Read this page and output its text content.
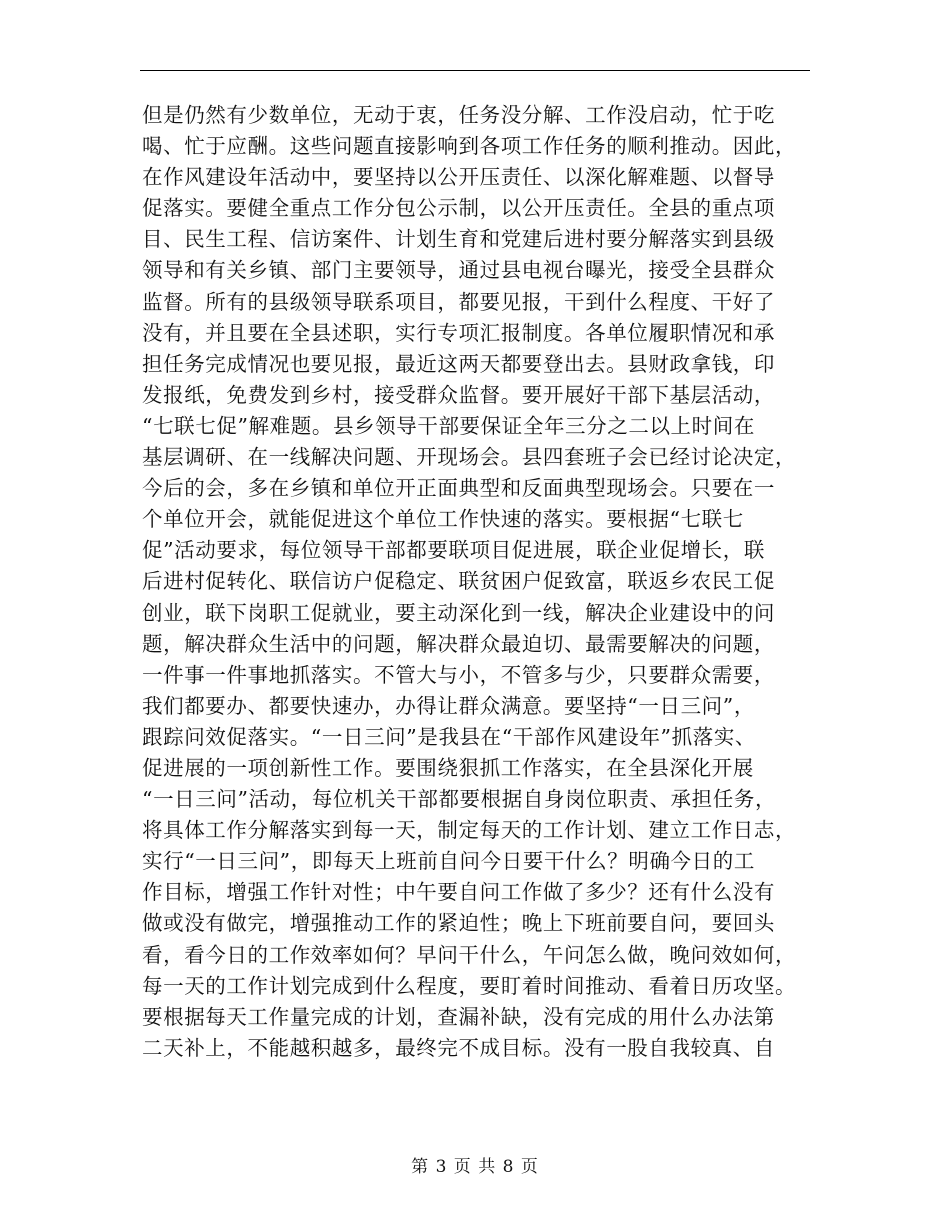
但是仍然有少数单位，无动于衷，任务没分解、工作没启动，忙于吃
喝、忙于应酬。这些问题直接影响到各项工作任务的顺利推动。因此，
在作风建设年活动中，要坚持以公开压责任、以深化解难题、以督导
促落实。要健全重点工作分包公示制，以公开压责任。全县的重点项
目、民生工程、信访案件、计划生育和党建后进村要分解落实到县级
领导和有关乡镇、部门主要领导，通过县电视台曝光，接受全县群众
监督。所有的县级领导联系项目，都要见报，干到什么程度、干好了
没有，并且要在全县述职，实行专项汇报制度。各单位履职情况和承
担任务完成情况也要见报，最近这两天都要登出去。县财政拿钱，印
发报纸，免费发到乡村，接受群众监督。要开展好干部下基层活动，
“七联七促”解难题。县乡领导干部要保证全年三分之二以上时间在
基层调研、在一线解决问题、开现场会。县四套班子会已经讨论决定，
今后的会，多在乡镇和单位开正面典型和反面典型现场会。只要在一
个单位开会，就能促进这个单位工作快速的落实。要根据“七联七
促”活动要求，每位领导干部都要联项目促进展，联企业促增长，联
后进村促转化、联信访户促稳定、联贫困户促致富，联返乡农民工促
创业，联下岗职工促就业，要主动深化到一线，解决企业建设中的问
题，解决群众生活中的问题，解决群众最迫切、最需要解决的问题，
一件事一件事地抓落实。不管大与小，不管多与少，只要群众需要，
我们都要办、都要快速办，办得让群众满意。要坚持“一日三问”，
跟踪问效促落实。“一日三问”是我县在“干部作风建设年”抓落实、
促进展的一项创新性工作。要围绕狠抓工作落实，在全县深化开展
“一日三问”活动，每位机关干部都要根据自身岗位职责、承担任务，
将具体工作分解落实到每一天，制定每天的工作计划、建立工作日志，
实行“一日三问”，即每天上班前自问今日要干什么？明确今日的工
作目标，增强工作针对性；中午要自问工作做了多少？还有什么没有
做或没有做完，增强推动工作的紧迫性；晚上下班前要自问，要回头
看，看今日的工作效率如何？早问干什么，午问怎么做，晚问效如何，
每一天的工作计划完成到什么程度，要盯着时间推动、看着日历攻坚。
要根据每天工作量完成的计划，查漏补缺，没有完成的用什么办法第
二天补上，不能越积越多，最终完不成目标。没有一股自我较真、自
第 3 页 共 8 页
